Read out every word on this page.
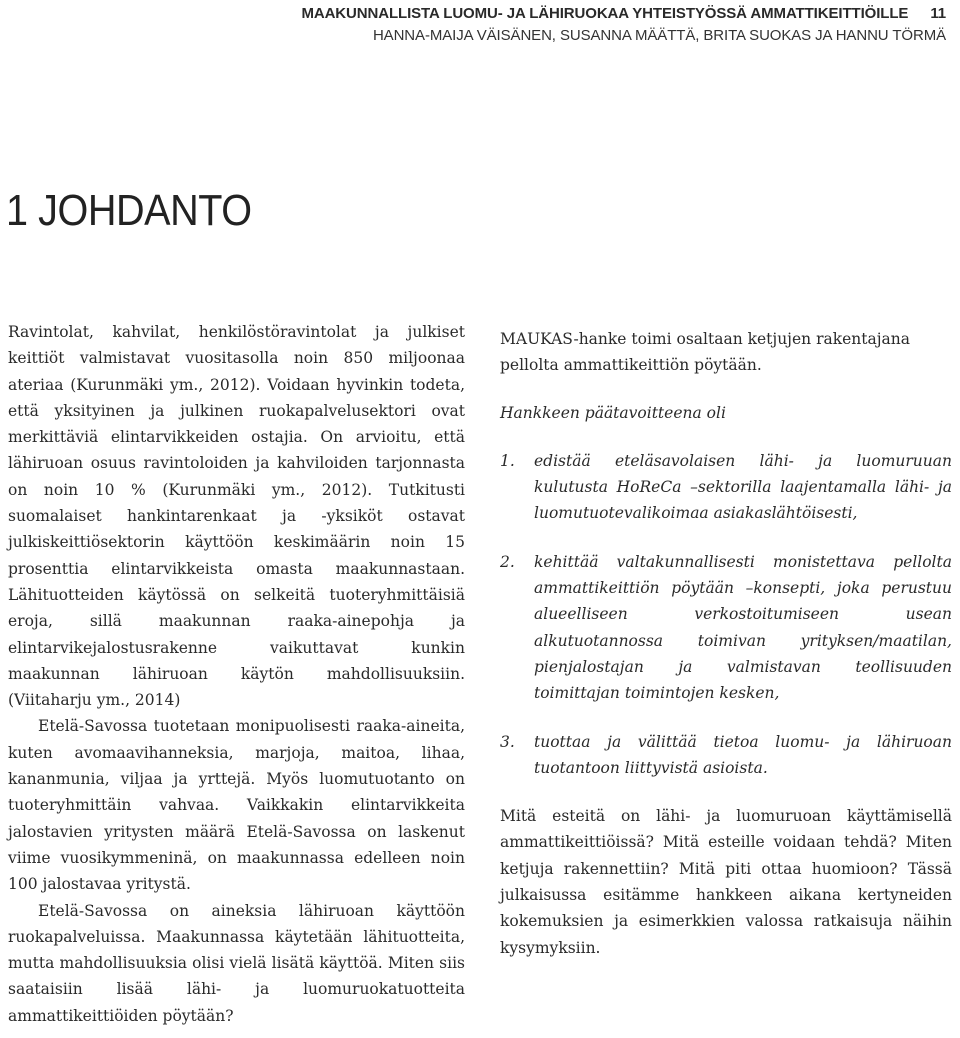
MAAKUNNALLISTA LUOMU- JA LÄHIRUOKAA YHTEISTYÖSSÄ AMMATTIKEITTIÖILLE 11
HANNA-MAIJA VÄISÄNEN, SUSANNA MÄÄTTÄ, BRITA SUOKAS JA HANNU TÖRMÄ
1 JOHDANTO

Ravintolat, kahvilat, henkilöstöravintolat ja julkiset keittiöt valmistavat vuositasolla noin 850 miljoonaa ateriaa (Kurunmäki ym., 2012). Voidaan hyvinkin todeta, että yksityinen ja julkinen ruokapalvelusektori ovat merkittäviä elintarvikkeiden ostajia. On arvioitu, että lähiruoan osuus ravintoloiden ja kahviloiden tarjonnasta on noin 10 % (Kurunmäki ym., 2012). Tutkitusti suomalaiset hankintarenkaat ja -yksiköt ostavat julkiskeittiösektorin käyttöön keskimäärin noin 15 prosenttia elintarvikkeista omasta maakunnastaan. Lähituotteiden käytössä on selkeitä tuoteryhmittäisiä eroja, sillä maakunnan raaka-ainepohja ja elintarvikejalostusrakenne vaikuttavat kunkin maakunnan lähiruoan käytön mahdollisuuksiin. (Viitaharju ym., 2014)

Etelä-Savossa tuotetaan monipuolisesti raaka-aineita, kuten avomaavihanneksia, marjoja, maitoa, lihaa, kananmunia, viljaa ja yrttejä. Myös luomutuotanto on tuoteryhmittäin vahvaa. Vaikkakin elintarvikkeita jalostavien yritysten määrä Etelä-Savossa on laskenut viime vuosikymmeninä, on maakunnassa edelleen noin 100 jalostavaa yritystä.

Etelä-Savossa on aineksia lähiruoan käyttöön ruokapalveluissa. Maakunnassa käytetään lähituotteita, mutta mahdollisuuksia olisi vielä lisätä käyttöä. Miten siis saataisiin lisää lähi- ja luomuruokatuotteita ammattikeittiöiden pöytään?

MAUKAS-hanke toimi osaltaan ketjujen rakentajana pellolta ammattikeittiön pöytään.

Hankkeen päätavoitteena oli

1.	edistää eteläsavolaisen lähi- ja luomuruuan kulutusta HoReCa –sektorilla laajentamalla lähi- ja luomutuotevalikoimaa asiakaslähtöisesti,
2.	kehittää valtakunnallisesti monistettava pellolta ammattikeittiön pöytään –konsepti, joka perustuu alueelliseen verkostoitumiseen usean alkutuotannossa toimivan yrityksen/maatilan, pienjalostajan ja valmistavan teollisuuden toimittajan toimintojen kesken,
3.	tuottaa ja välittää tietoa luomu- ja lähiruoan tuotantoon liittyvistä asioista.

Mitä esteitä on lähi- ja luomuruoan käyttämisellä ammattikeittiöissä? Mitä esteille voidaan tehdä? Miten ketjuja rakennettiin? Mitä piti ottaa huomioon? Tässä julkaisussa esitämme hankkeen aikana kertyneiden kokemuksien ja esimerkkien valossa ratkaisuja näihin kysymyksiin.
